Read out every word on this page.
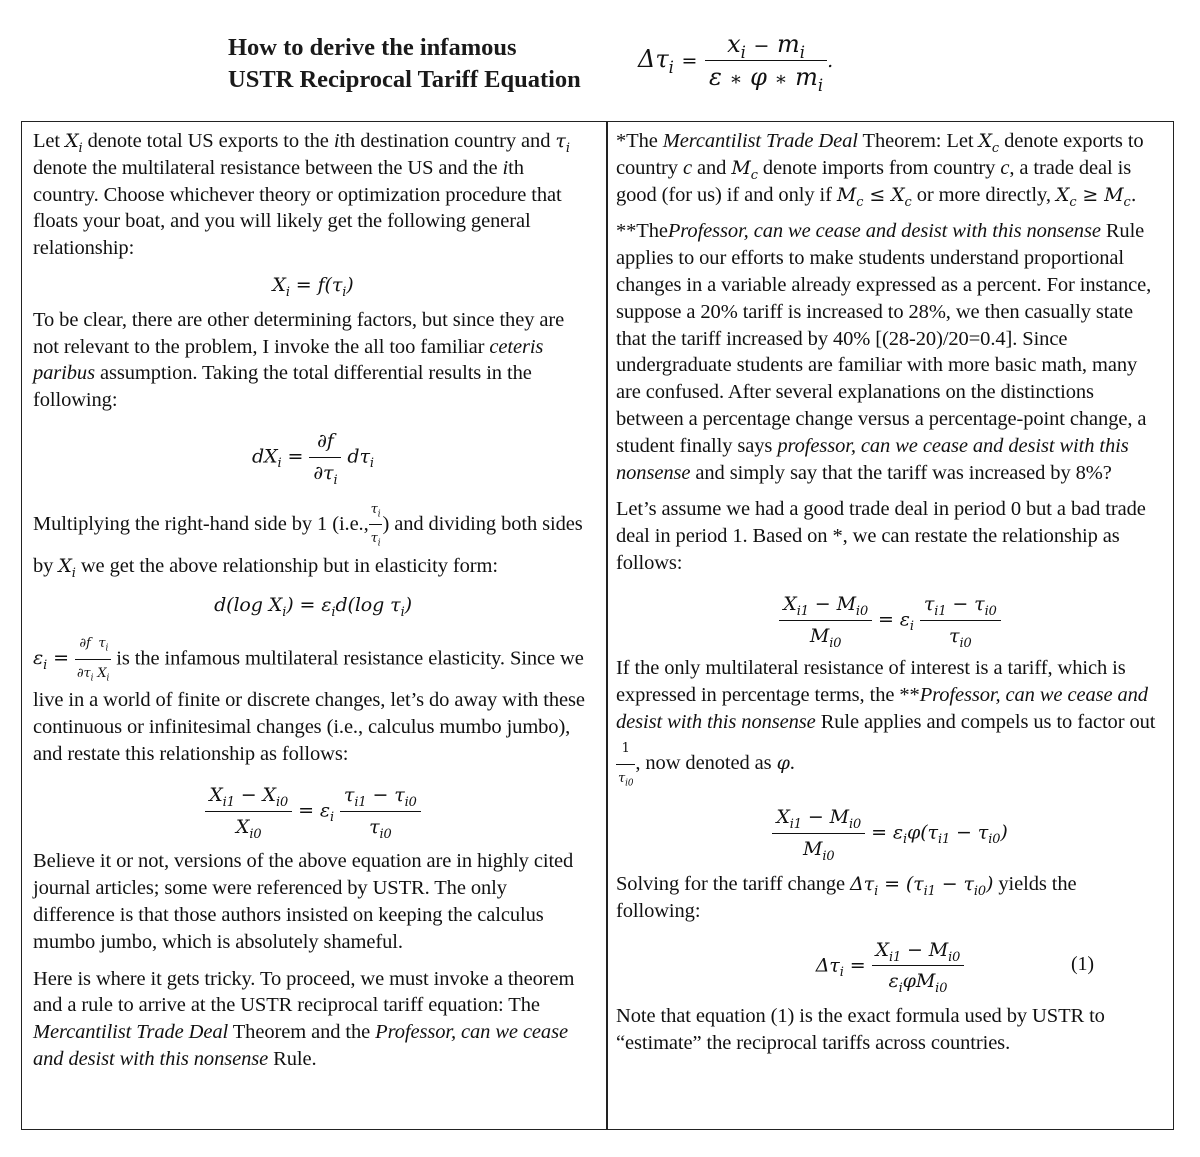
How to derive the infamous
USTR Reciprocal Tariff Equation
$\Delta\tau_i = \frac{x_i - m_i}{\varepsilon ∗ \varphi ∗ m_i}$ .

Let $X_i$ denote total US exports to the ith destination country and $\tau_i$ denote the multilateral resistance between the US and the ith country. Choose whichever theory or optimization procedure that floats your boat, and you will likely get the following general relationship:

$X_i = f(\tau_i)$

To be clear, there are other determining factors, but since they are not relevant to the problem, I invoke the all too familiar ceteris paribus assumption. Taking the total differential results in the following:

$dX_i = \frac{\partial f}{\partial\tau_i} d\tau_i$

Multiplying the right-hand side by 1 (i.e., $\frac{\tau_i}{\tau_i}$ ) and dividing both sides by $X_i$ we get the above relationship but in elasticity form:

d(log $X_i) = \varepsilon_id(\log$ $\tau_i$)

$\varepsilon_i = \frac{\partial f}{\partial\tau_i} \frac{\tau_i}{X_i}$ is the infamous multilateral resistance elasticity. Since we live in a world of finite or discrete changes, let’s do away with these continuous or infinitesimal changes (i.e., calculus mumbo jumbo), and restate this relationship as follows:

$\frac{X_{i1} - X_{i0}}{X_{i0}} = \varepsilon_i \frac{\tau_{i1} - \tau_{i0}}{\tau_{i0}}$

Believe it or not, versions of the above equation are in highly cited journal articles; some were referenced by USTR. The only difference is that those authors insisted on keeping the calculus mumbo jumbo, which is absolutely shameful.

Here is where it gets tricky. To proceed, we must invoke a theorem and a rule to arrive at the USTR reciprocal tariff equation: The Mercantilist Trade Deal Theorem and the Professor, can we cease and desist with this nonsense Rule.

*The Mercantilist Trade Deal Theorem: Let $X_c$ denote exports to country c and $M_c$ denote imports from country c, a trade deal is good (for us) if and only if $M_c \le X_c$ or more directly, $X_c \ge M_c$.

**TheProfessor, can we cease and desist with this nonsense Rule applies to our efforts to make students understand proportional changes in a variable already expressed as a percent. For instance, suppose a 20% tariff is increased to 28%, we then casually state that the tariff increased by 40% [(28-20)/20=0.4]. Since undergraduate students are familiar with more basic math, many are confused. After several explanations on the distinctions between a percentage change versus a percentage-point change, a student finally says professor, can we cease and desist with this nonsense and simply say that the tariff was increased by 8%?

Let’s assume we had a good trade deal in period 0 but a bad trade deal in period 1. Based on *, we can restate the relationship as follows:

$\frac{X_{i1} - M_{i0}}{M_{i0}} = \varepsilon_i \frac{\tau_{i1} - \tau_{i0}}{\tau_{i0}}$

If the only multilateral resistance of interest is a tariff, which is expressed in percentage terms, the **Professor, can we cease and desist with this nonsense Rule applies and compels us to factor out
$\frac{1}{\tau_{i0}}$ , now denoted as φ.

$\frac{X_{i1} - M_{i0}}{M_{i0}} = \varepsilon_i\varphi(\tau_{i1} - \tau_{i0})$

Solving for the tariff change $\Delta\tau_i = (\tau_{i1} - \tau_{i0})$ yields the following:

$\Delta\tau_i = \frac{X_{i1} - M_{i0}}{\varepsilon_i\varphi M_{i0}}$	(1)

Note that equation (1) is the exact formula used by USTR to “estimate” the reciprocal tariffs across countries.
